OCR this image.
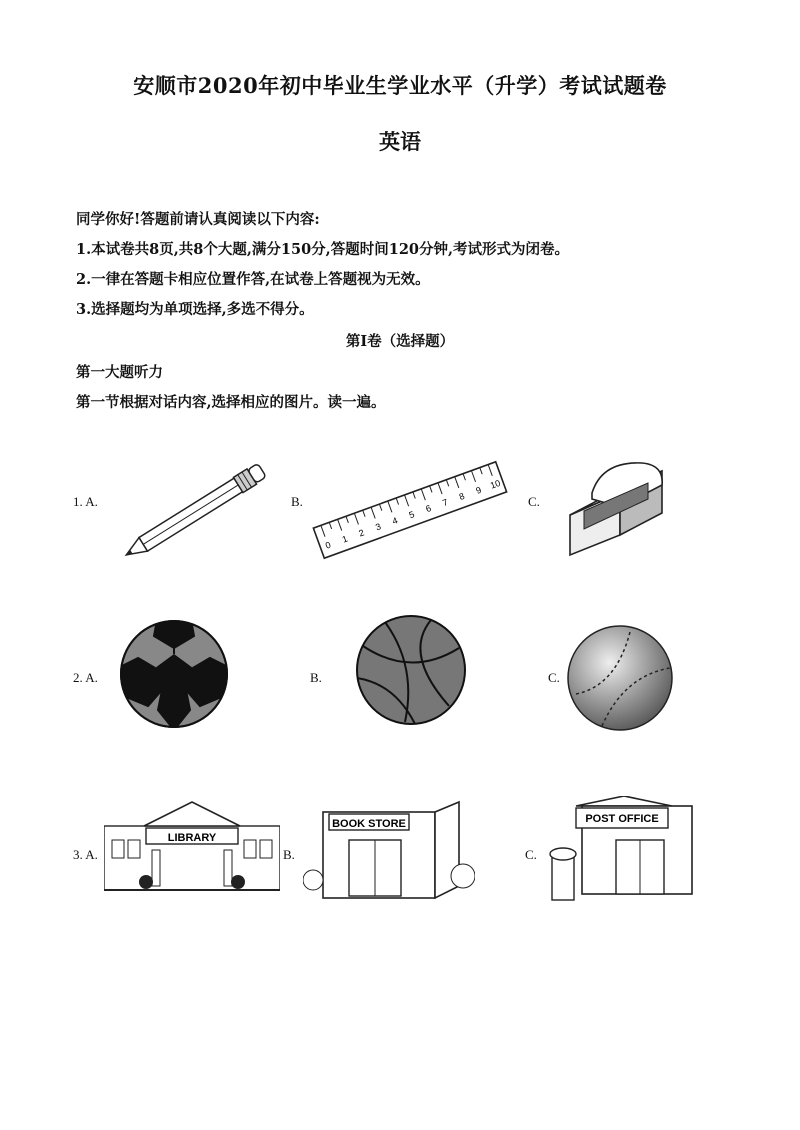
安顺市2020年初中毕业生学业水平（升学）考试试题卷
英语
同学你好!答题前请认真阅读以下内容:
1.本试卷共8页,共8个大题,满分150分,答题时间120分钟,考试形式为闭卷。
2.一律在答题卡相应位置作答,在试卷上答题视为无效。
3.选择题均为单项选择,多选不得分。
第Ⅰ卷（选择题）
第一大题听力
第一节根据对话内容,选择相应的图片。读一遍。
1. A.	B.	C.
0
1
2
3
4
5
6
7
8
9 10
2. A.	B.	C.
3. A.	B.	C.
LIBRARY
BOOK STORE	POST OFFICE
